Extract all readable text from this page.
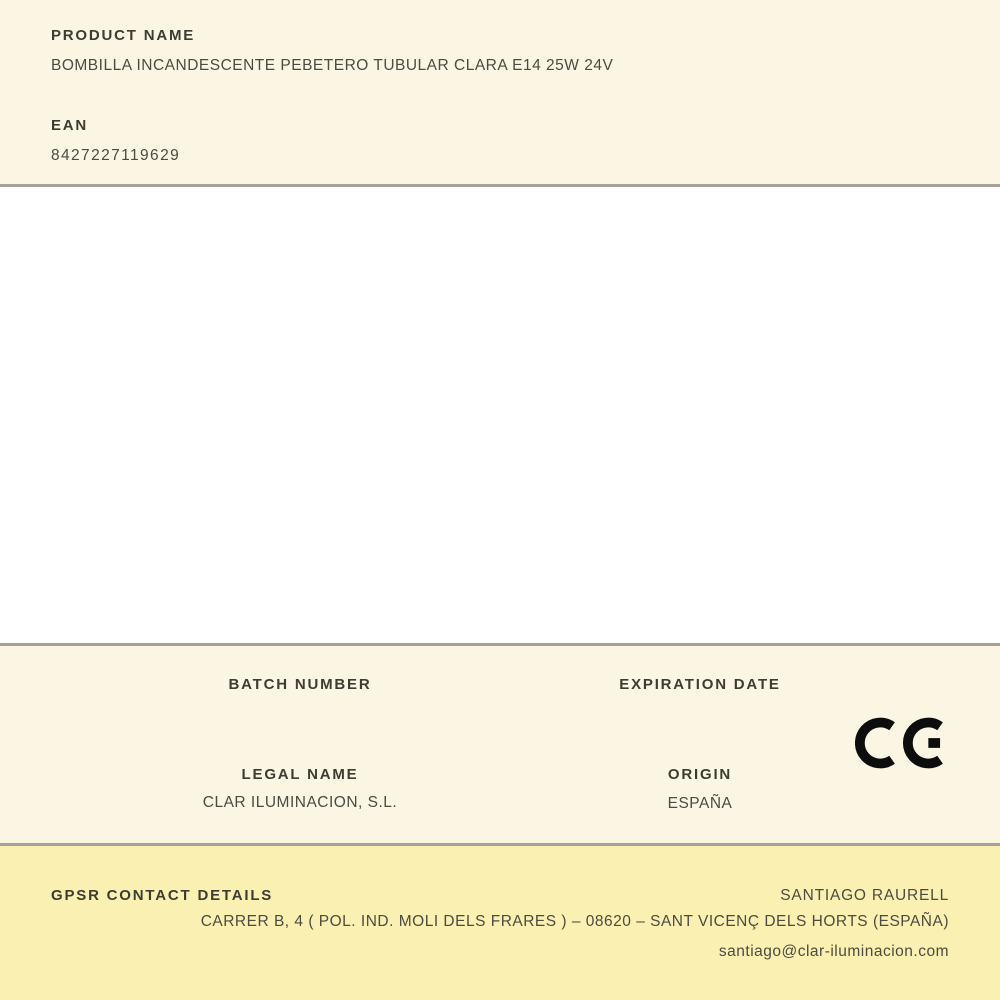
PRODUCT NAME
BOMBILLA INCANDESCENTE PEBETERO TUBULAR CLARA E14 25W 24V
EAN
8427227119629
BATCH NUMBER	EXPIRATION DATE
LEGAL NAME
CLAR ILUMINACION, S.L.
ORIGIN
ESPAÑA
GPSR CONTACT DETAILS	SANTIAGO RAURELL
CARRER B, 4 ( POL. IND. MOLI DELS FRARES ) – 08620 – SANT VICENÇ DELS HORTS (ESPAÑA)
santiago@clar-iluminacion.com
